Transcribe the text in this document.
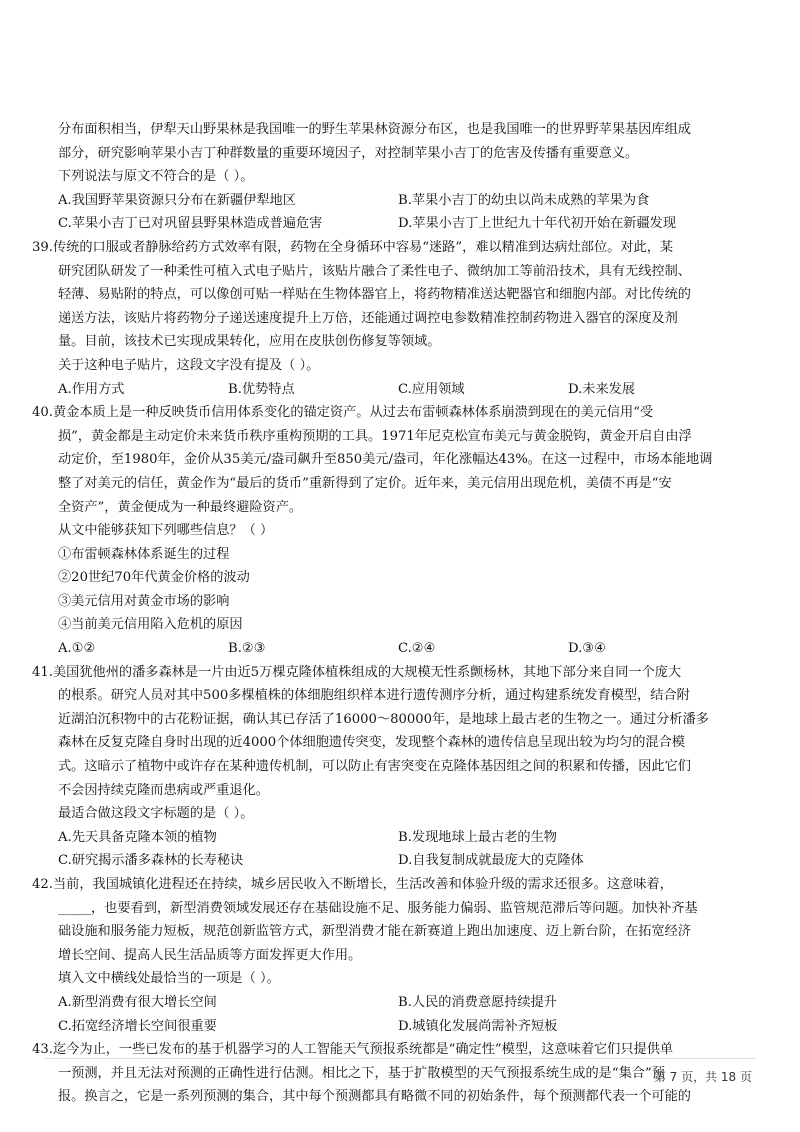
分布面积相当，伊犁天山野果林是我国唯一的野生苹果林资源分布区，也是我国唯一的世界野苹果基因库组成

部分，研究影响苹果小吉丁种群数量的重要环境因子，对控制苹果小吉丁的危害及传播有重要意义。

下列说法与原文不符合的是（ ）。

A.我国野苹果资源只分布在新疆伊犁地区	B.苹果小吉丁的幼虫以尚未成熟的苹果为食

C.苹果小吉丁已对巩留县野果林造成普遍危害	D.苹果小吉丁上世纪九十年代初开始在新疆发现

39.传统的口服或者静脉给药方式效率有限，药物在全身循环中容易“迷路”，难以精准到达病灶部位。对此，某

研究团队研发了一种柔性可植入式电子贴片，该贴片融合了柔性电子、微纳加工等前沿技术，具有无线控制、

轻薄、易贴附的特点，可以像创可贴一样贴在生物体器官上，将药物精准送达靶器官和细胞内部。对比传统的

递送方法，该贴片将药物分子递送速度提升上万倍，还能通过调控电参数精准控制药物进入器官的深度及剂

量。目前，该技术已实现成果转化，应用在皮肤创伤修复等领域。

关于这种电子贴片，这段文字没有提及（ ）。

A.作用方式	B.优势特点	C.应用领域	D.未来发展

40.黄金本质上是一种反映货币信用体系变化的锚定资产。从过去布雷顿森林体系崩溃到现在的美元信用“受

损”，黄金都是主动定价未来货币秩序重构预期的工具。1971年尼克松宣布美元与黄金脱钩，黄金开启自由浮

动定价，至1980年，金价从35美元/盎司飙升至850美元/盎司，年化涨幅达43%。在这一过程中，市场本能地调

整了对美元的信任，黄金作为“最后的货币”重新得到了定价。近年来，美元信用出现危机，美债不再是“安

全资产”，黄金便成为一种最终避险资产。

从文中能够获知下列哪些信息？（ ）

①布雷顿森林体系诞生的过程

②20世纪70年代黄金价格的波动

③美元信用对黄金市场的影响

④当前美元信用陷入危机的原因

A.①②	B.②③	C.②④	D.③④

41.美国犹他州的潘多森林是一片由近5万棵克隆体植株组成的大规模无性系颤杨林，其地下部分来自同一个庞大

的根系。研究人员对其中500多棵植株的体细胞组织样本进行遗传测序分析，通过构建系统发育模型，结合附

近湖泊沉积物中的古花粉证据，确认其已存活了16000～80000年，是地球上最古老的生物之一。通过分析潘多

森林在反复克隆自身时出现的近4000个体细胞遗传突变，发现整个森林的遗传信息呈现出较为均匀的混合模

式。这暗示了植物中或许存在某种遗传机制，可以防止有害突变在克隆体基因组之间的积累和传播，因此它们

不会因持续克隆而患病或严重退化。

最适合做这段文字标题的是（ ）。

A.先天具备克隆本领的植物	B.发现地球上最古老的生物

C.研究揭示潘多森林的长寿秘诀	D.自我复制成就最庞大的克隆体

42.当前，我国城镇化进程还在持续，城乡居民收入不断增长，生活改善和体验升级的需求还很多。这意味着，

_____，也要看到，新型消费领域发展还存在基础设施不足、服务能力偏弱、监管规范滞后等问题。加快补齐基

础设施和服务能力短板，规范创新监管方式，新型消费才能在新赛道上跑出加速度、迈上新台阶，在拓宽经济

增长空间、提高人民生活品质等方面发挥更大作用。

填入文中横线处最恰当的一项是（ ）。

A.新型消费有很大增长空间	B.人民的消费意愿持续提升

C.拓宽经济增长空间很重要	D.城镇化发展尚需补齐短板

43.迄今为止，一些已发布的基于机器学习的人工智能天气预报系统都是“确定性”模型，这意味着它们只提供单

一预测，并且无法对预测的正确性进行估测。相比之下，基于扩散模型的天气预报系统生成的是“集合”预

报。换言之，它是一系列预测的集合，其中每个预测都具有略微不同的初始条件，每个预测都代表一个可能的

第 7 页，共 18 页
